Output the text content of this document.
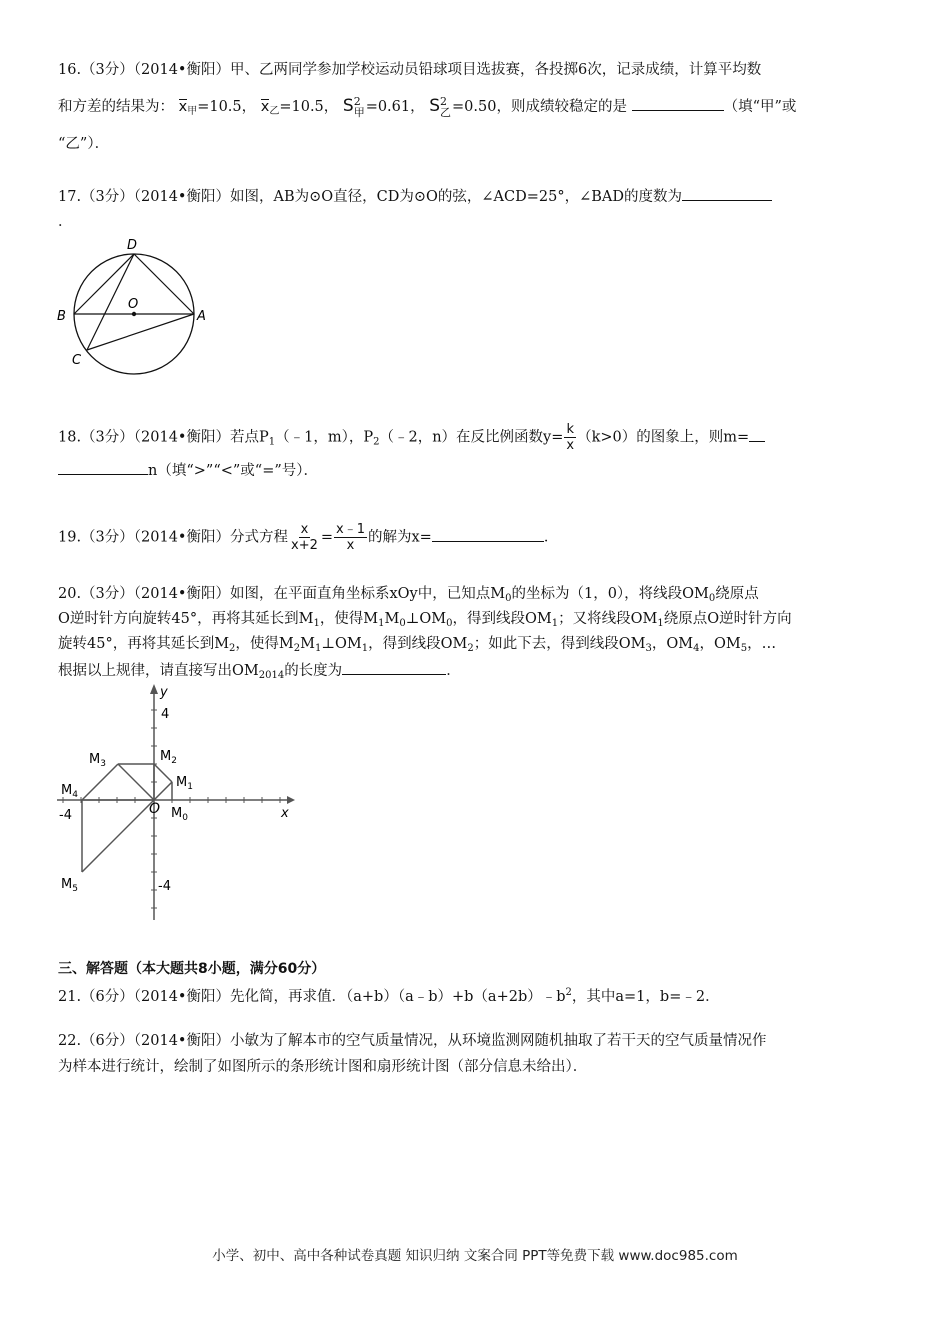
16.（3分）（2014•衡阳）甲、乙两同学参加学校运动员铅球项目选拔赛，各投掷6次，记录成绩，计算平均数
和方差的结果为： $x_甲=10.5$， $x_乙=10.5$， S 2
甲 =0.61， S 2
乙 =0.50，则成绩较稳定的是	（填“甲”或
“乙”）．
17.（3分）（2014•衡阳）如图，AB为⊙O直径，CD为⊙O的弦，∠ACD=25°，∠BAD的度数为
．
D
O
B	A
C
18.（3分）（2014•衡阳）若点$P_1(﹣1$，m），$P_2(﹣2$，n）在反比例函数$y= \frac{k}{x} (k>0)$的图象上，则m=
n（填“>”“<”或“=”号）．
19.（3分）（2014•衡阳）分式方程 $\frac{x}{x+2} = \frac{x﹣1}{x}$ 的解为x=	．
20.（3分）（2014•衡阳）如图，在平面直角坐标系xOy中，已知点$M_0$的坐标为（1，0），将线段$OM_0$绕原点
O逆时针方向旋转45°，再将其延长到$M_1$，使得$M_1M_0\perp OM_0$，得到线段$OM_1$；又将线段$OM_1$绕原点O逆时针方向
旋转45°，再将其延长到$M_2$，使得$M_2M_1\perp OM_1$，得到线段$OM_2$；如此下去，得到线段$OM_3$，$OM_4$，$OM_5$，…
根据以上规律，请直接写出$OM_{2014}$的长度为	．
4
-4
-4
y
x
O $M_0$
$M_1$
$M_2$
$M_3$
$M_4$
$M_5$
三、解答题（本大题共8小题，满分60分）
21.（6分）（2014•衡阳）先化简，再求值．$(a+b)(a﹣b)+b(a+2b)﹣b^2$，其中a=1，b=﹣2．
22.（6分）（2014•衡阳）小敏为了解本市的空气质量情况，从环境监测网随机抽取了若干天的空气质量情况作
为样本进行统计，绘制了如图所示的条形统计图和扇形统计图（部分信息未给出）．
小学、初中、高中各种试卷真题 知识归纳 文案合同 PPT等免费下载 www.doc985.com
